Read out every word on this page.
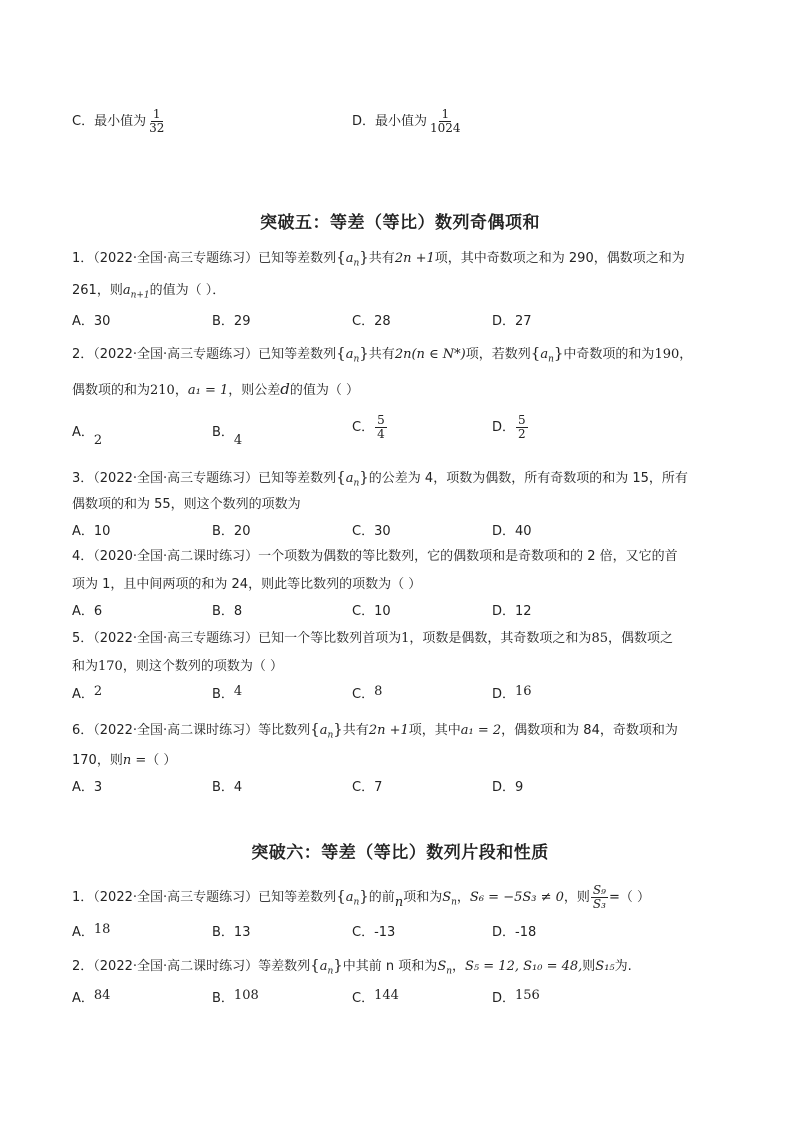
C．最小值为 $\frac{1}{32}$	D．最小值为 $\frac{1}{1024}$
突破五：等差（等比）数列奇偶项和
1．（2022·全国·高三专题练习）已知等差数列$\{a_n\}$共有2n +1项，其中奇数项之和为 290，偶数项之和为
261，则$a_{n+1}$的值为（ ）．
A．30	B．29	C．28	D．27
2．（2022·全国·高三专题练习）已知等差数列$\{a_n\}$共有2n(n ∈ N*)项，若数列$\{a_n\}$中奇数项的和为190，
偶数项的和为210，a₁ = 1，则公差d的值为（ ）
A．2
B．4
C． $\frac{5}{4}$	D． $\frac{5}{2}$
3．（2022·全国·高三专题练习）已知等差数列$\{a_n\}$的公差为 4，项数为偶数，所有奇数项的和为 15，所有
偶数项的和为 55，则这个数列的项数为
A．10	B．20	C．30	D．40
4．（2020·全国·高二课时练习）一个项数为偶数的等比数列，它的偶数项和是奇数项和的 2 倍，又它的首
项为 1，且中间两项的和为 24，则此等比数列的项数为（ ）
A．6	B．8	C．10	D．12
5．（2022·全国·高三专题练习）已知一个等比数列首项为1，项数是偶数，其奇数项之和为85，偶数项之
和为170，则这个数列的项数为（ ）
A．2	B．4	C．8	D．16
6．（2022·全国·高二课时练习）等比数列$\{a_n\}$共有2n +1项，其中a₁ = 2，偶数项和为 84，奇数项和为
170，则n =（ ）
A．3	B．4	C．7	D．9
突破六：等差（等比）数列片段和性质
1．（2022·全国·高三专题练习）已知等差数列$\{a_n\}$的前n项和为$S_n$，S₆ = −5S₃ ≠ 0，则 $\frac{\text{S₉}}{\text{S₃}}$ =（ ）
A．18	B．13	C．-13	D．-18
2．（2022·全国·高二课时练习）等差数列$\{a_n\}$中其前 n 项和为$S_n$，S₅ = 12, S₁₀ = 48,则S₁₅为.
A．84	B．108	C．144	D．156
